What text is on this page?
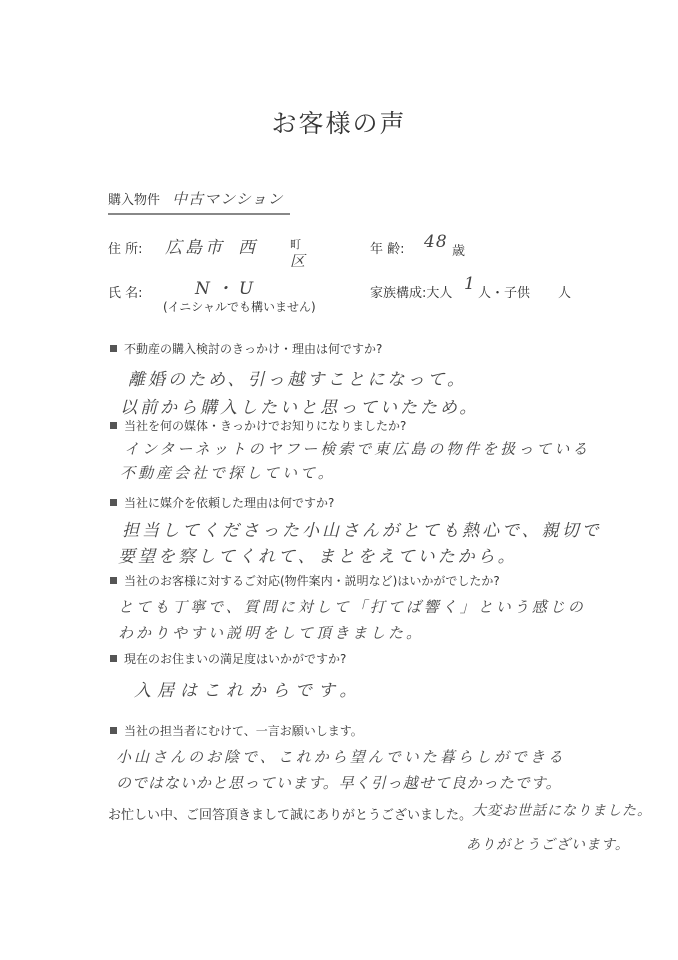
お客様の声
購入物件 中古マンション
住 所: 広島市 西	町
区
年 齢: 48 歳
氏 名:	N・U
(イニシャルでも構いません)
家族構成:大人 1 人・子供 人
不動産の購入検討のきっかけ・理由は何ですか?
離婚のため、引っ越すことになって。
以前から購入したいと思っていたため。
当社を何の媒体・きっかけでお知りになりましたか?
インターネットのヤフー検索で東広島の物件を扱っている
不動産会社で探していて。
当社に媒介を依頼した理由は何ですか?
担当してくださった小山さんがとても熱心で、親切で
要望を察してくれて、まとをえていたから。
当社のお客様に対するご対応(物件案内・説明など)はいかがでしたか?
とても丁寧で、質問に対して「打てば響く」という感じの
わかりやすい説明をして頂きました。
現在のお住まいの満足度はいかがですか?
入居はこれからです。
当社の担当者にむけて、一言お願いします。
小山さんのお陰で、これから望んでいた暮らしができる
のではないかと思っています。早く引っ越せて良かったです。
お忙しい中、ご回答頂きまして誠にありがとうございました。 大変お世話になりました。
ありがとうございます。
